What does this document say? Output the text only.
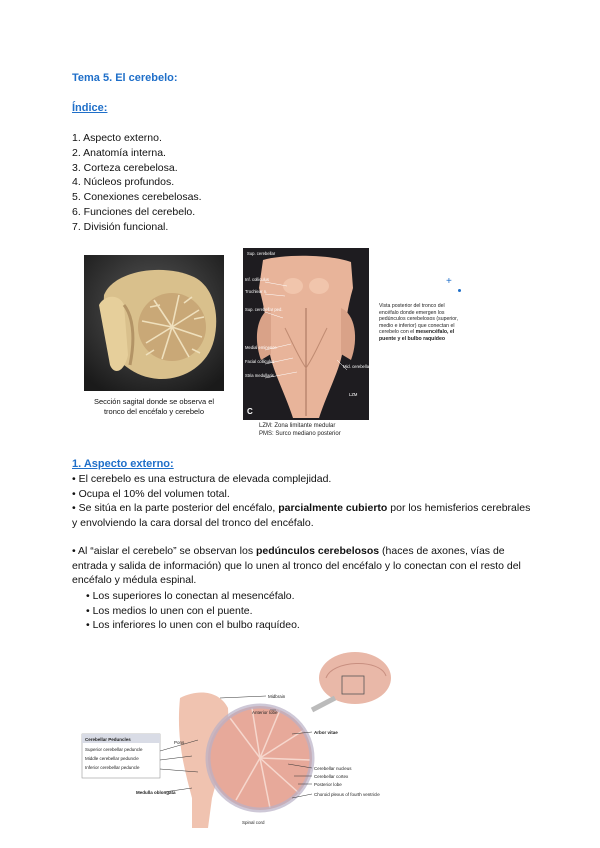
Tema 5. El cerebelo:
Índice:
1. Aspecto externo.
2. Anatomía interna.
3. Corteza cerebelosa.
4. Núcleos profundos.
5. Conexiones cerebelosas.
6. Funciones del cerebelo.
7. División funcional.
Sección sagital donde se observa el tronco del encéfalo y cerebelo
Sup. cerebellar
Inf. colliculus
Trochlear n.
Sup. cerebellar ped.
Medial eminence
Facial colliculus
Stria medullaris
Mid. cerebellar ped.
LZM
C
LZM: Zona limitante medular
PMS: Surco mediano posterior
+
Vista posterior del tronco del encéfalo donde emergen los pedúnculos cerebelosos (superior, medio e inferior) que conectan el cerebelo con el mesencéfalo, el puente y el bulbo raquídeo
1. Aspecto externo:

• El cerebelo es una estructura de elevada complejidad.
• Ocupa el 10% del volumen total.
• Se sitúa en la parte posterior del encéfalo, parcialmente cubierto por los hemisferios cerebrales y envolviendo la cara dorsal del tronco del encéfalo.

• Al “aislar el cerebelo” se observan los pedúnculos cerebelosos (haces de axones, vías de entrada y salida de información) que lo unen al tronco del encéfalo y lo conectan con el resto del encéfalo y médula espinal.

• Los superiores lo conectan al mesencéfalo.
• Los medios lo unen con el puente.
• Los inferiores lo unen con el bulbo raquídeo.
Cerebellar Peduncles
Superior cerebellar peduncle
Middle cerebellar peduncle
Inferior cerebellar peduncle
Midbrain
Anterior lobe
Arbor vitae
Pons
Cerebellar nucleus
Cerebellar cortex
Posterior lobe
Choroid plexus of fourth ventricle
Medulla oblongata
Spinal cord
